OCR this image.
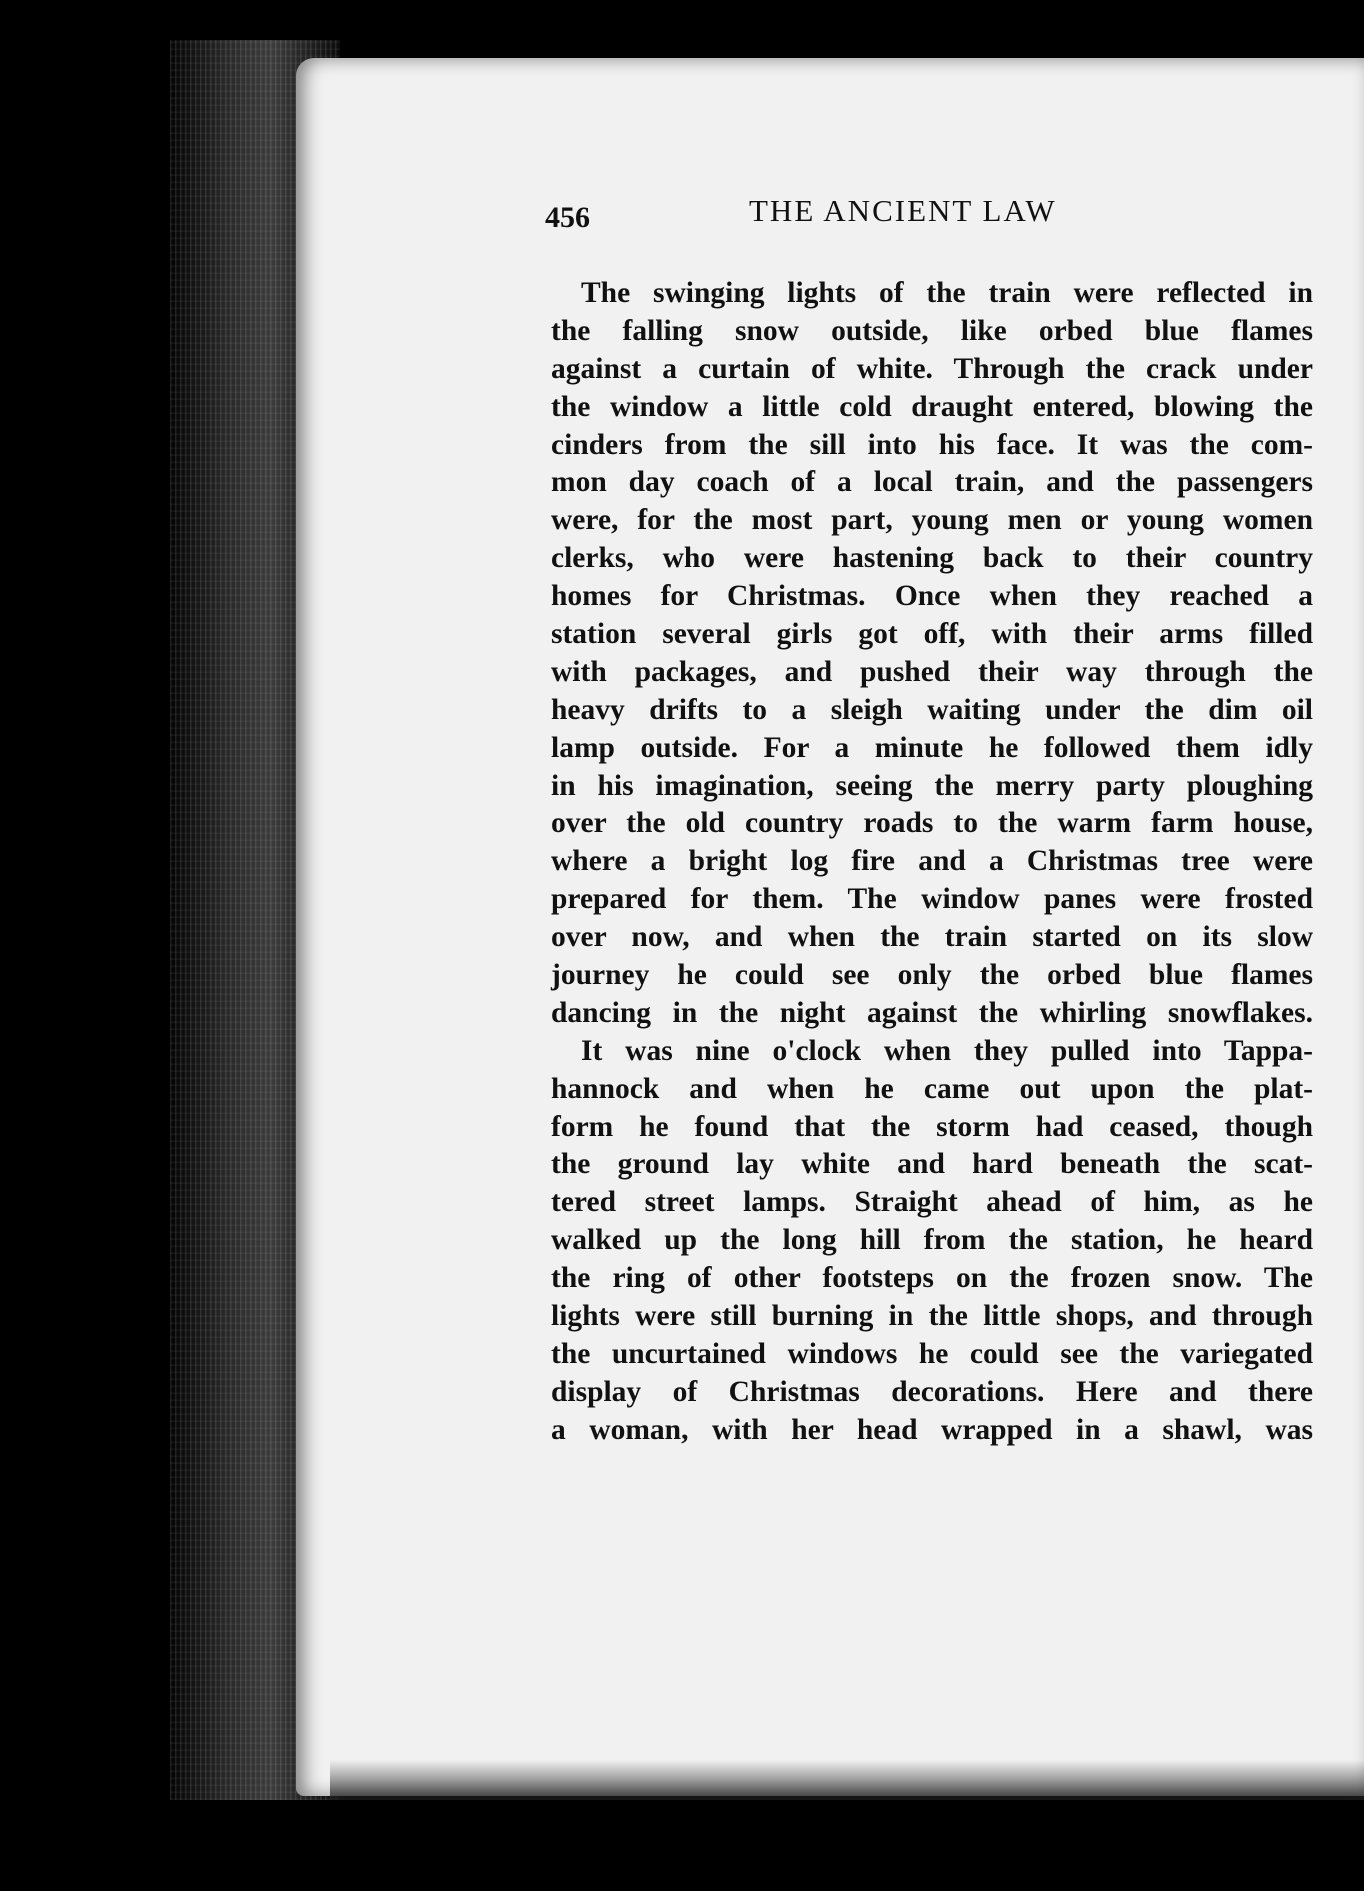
456	THE ANCIENT LAW
The swinging lights of the train were reflected in
the falling snow outside, like orbed blue flames
against a curtain of white. Through the crack under
the window a little cold draught entered, blowing the
cinders from the sill into his face. It was the com-
mon day coach of a local train, and the passengers
were, for the most part, young men or young women
clerks, who were hastening back to their country
homes for Christmas. Once when they reached a
station several girls got off, with their arms filled
with packages, and pushed their way through the
heavy drifts to a sleigh waiting under the dim oil
lamp outside. For a minute he followed them idly
in his imagination, seeing the merry party ploughing
over the old country roads to the warm farm house,
where a bright log fire and a Christmas tree were
prepared for them. The window panes were frosted
over now, and when the train started on its slow
journey he could see only the orbed blue flames
dancing in the night against the whirling snowflakes.
It was nine o'clock when they pulled into Tappa-
hannock and when he came out upon the plat-
form he found that the storm had ceased, though
the ground lay white and hard beneath the scat-
tered street lamps. Straight ahead of him, as he
walked up the long hill from the station, he heard
the ring of other footsteps on the frozen snow. The
lights were still burning in the little shops, and through
the uncurtained windows he could see the variegated
display of Christmas decorations. Here and there
a woman, with her head wrapped in a shawl, was
